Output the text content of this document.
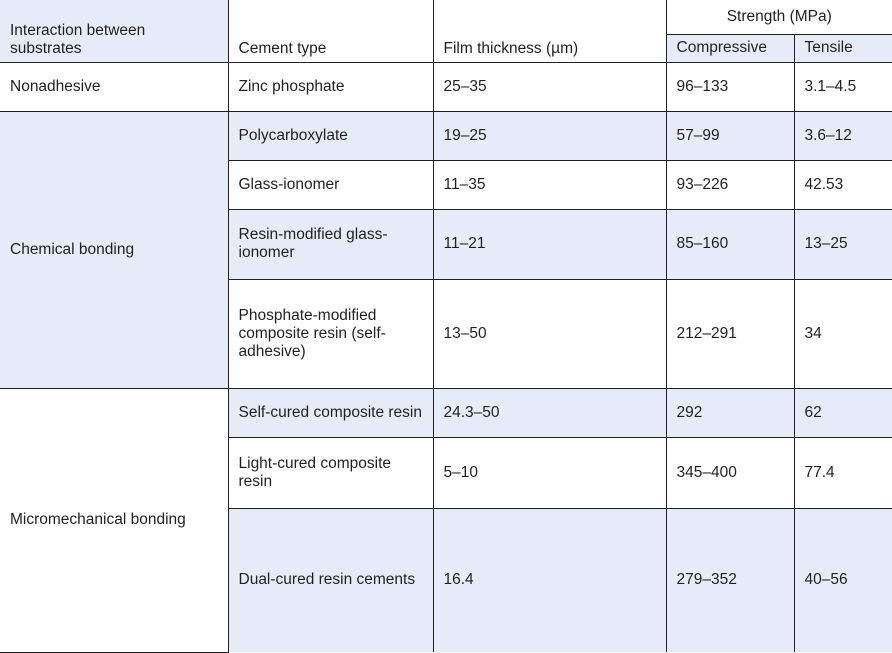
Interaction between substrates	Cement type	Film thickness (µm)	Strength (MPa)	
			Compressive	Tensile
Nonadhesive	Zinc phosphate	25–35	96–133	3.1–4.5
Chemical bonding	Polycarboxylate	19–25	57–99	3.6–12
	Glass-ionomer	11–35	93–226	42.53
	Resin-modified glass-ionomer	11–21	85–160	13–25
	Phosphate-modified composite resin (self-adhesive)	13–50	212–291	34
Micromechanical bonding	Self-cured composite resin	24.3–50	292	62
	Light-cured composite resin	5–10	345–400	77.4
	Dual-cured resin cements	16.4	279–352	40–56
